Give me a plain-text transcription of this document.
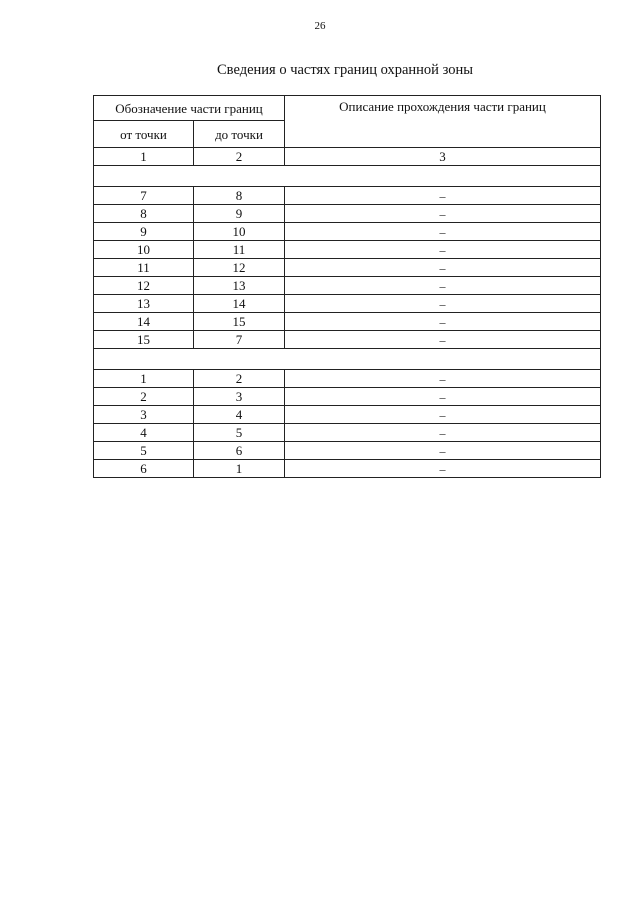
26
Сведения о частях границ охранной зоны
Обозначение части границ		Описание прохождения части границ
от точки	до точки	
1	2	3

7	8	–
8	9	–
9	10	–
10	11	–
11	12	–
12	13	–
13	14	–
14	15	–
15	7	–

1	2	–
2	3	–
3	4	–
4	5	–
5	6	–
6	1	–
